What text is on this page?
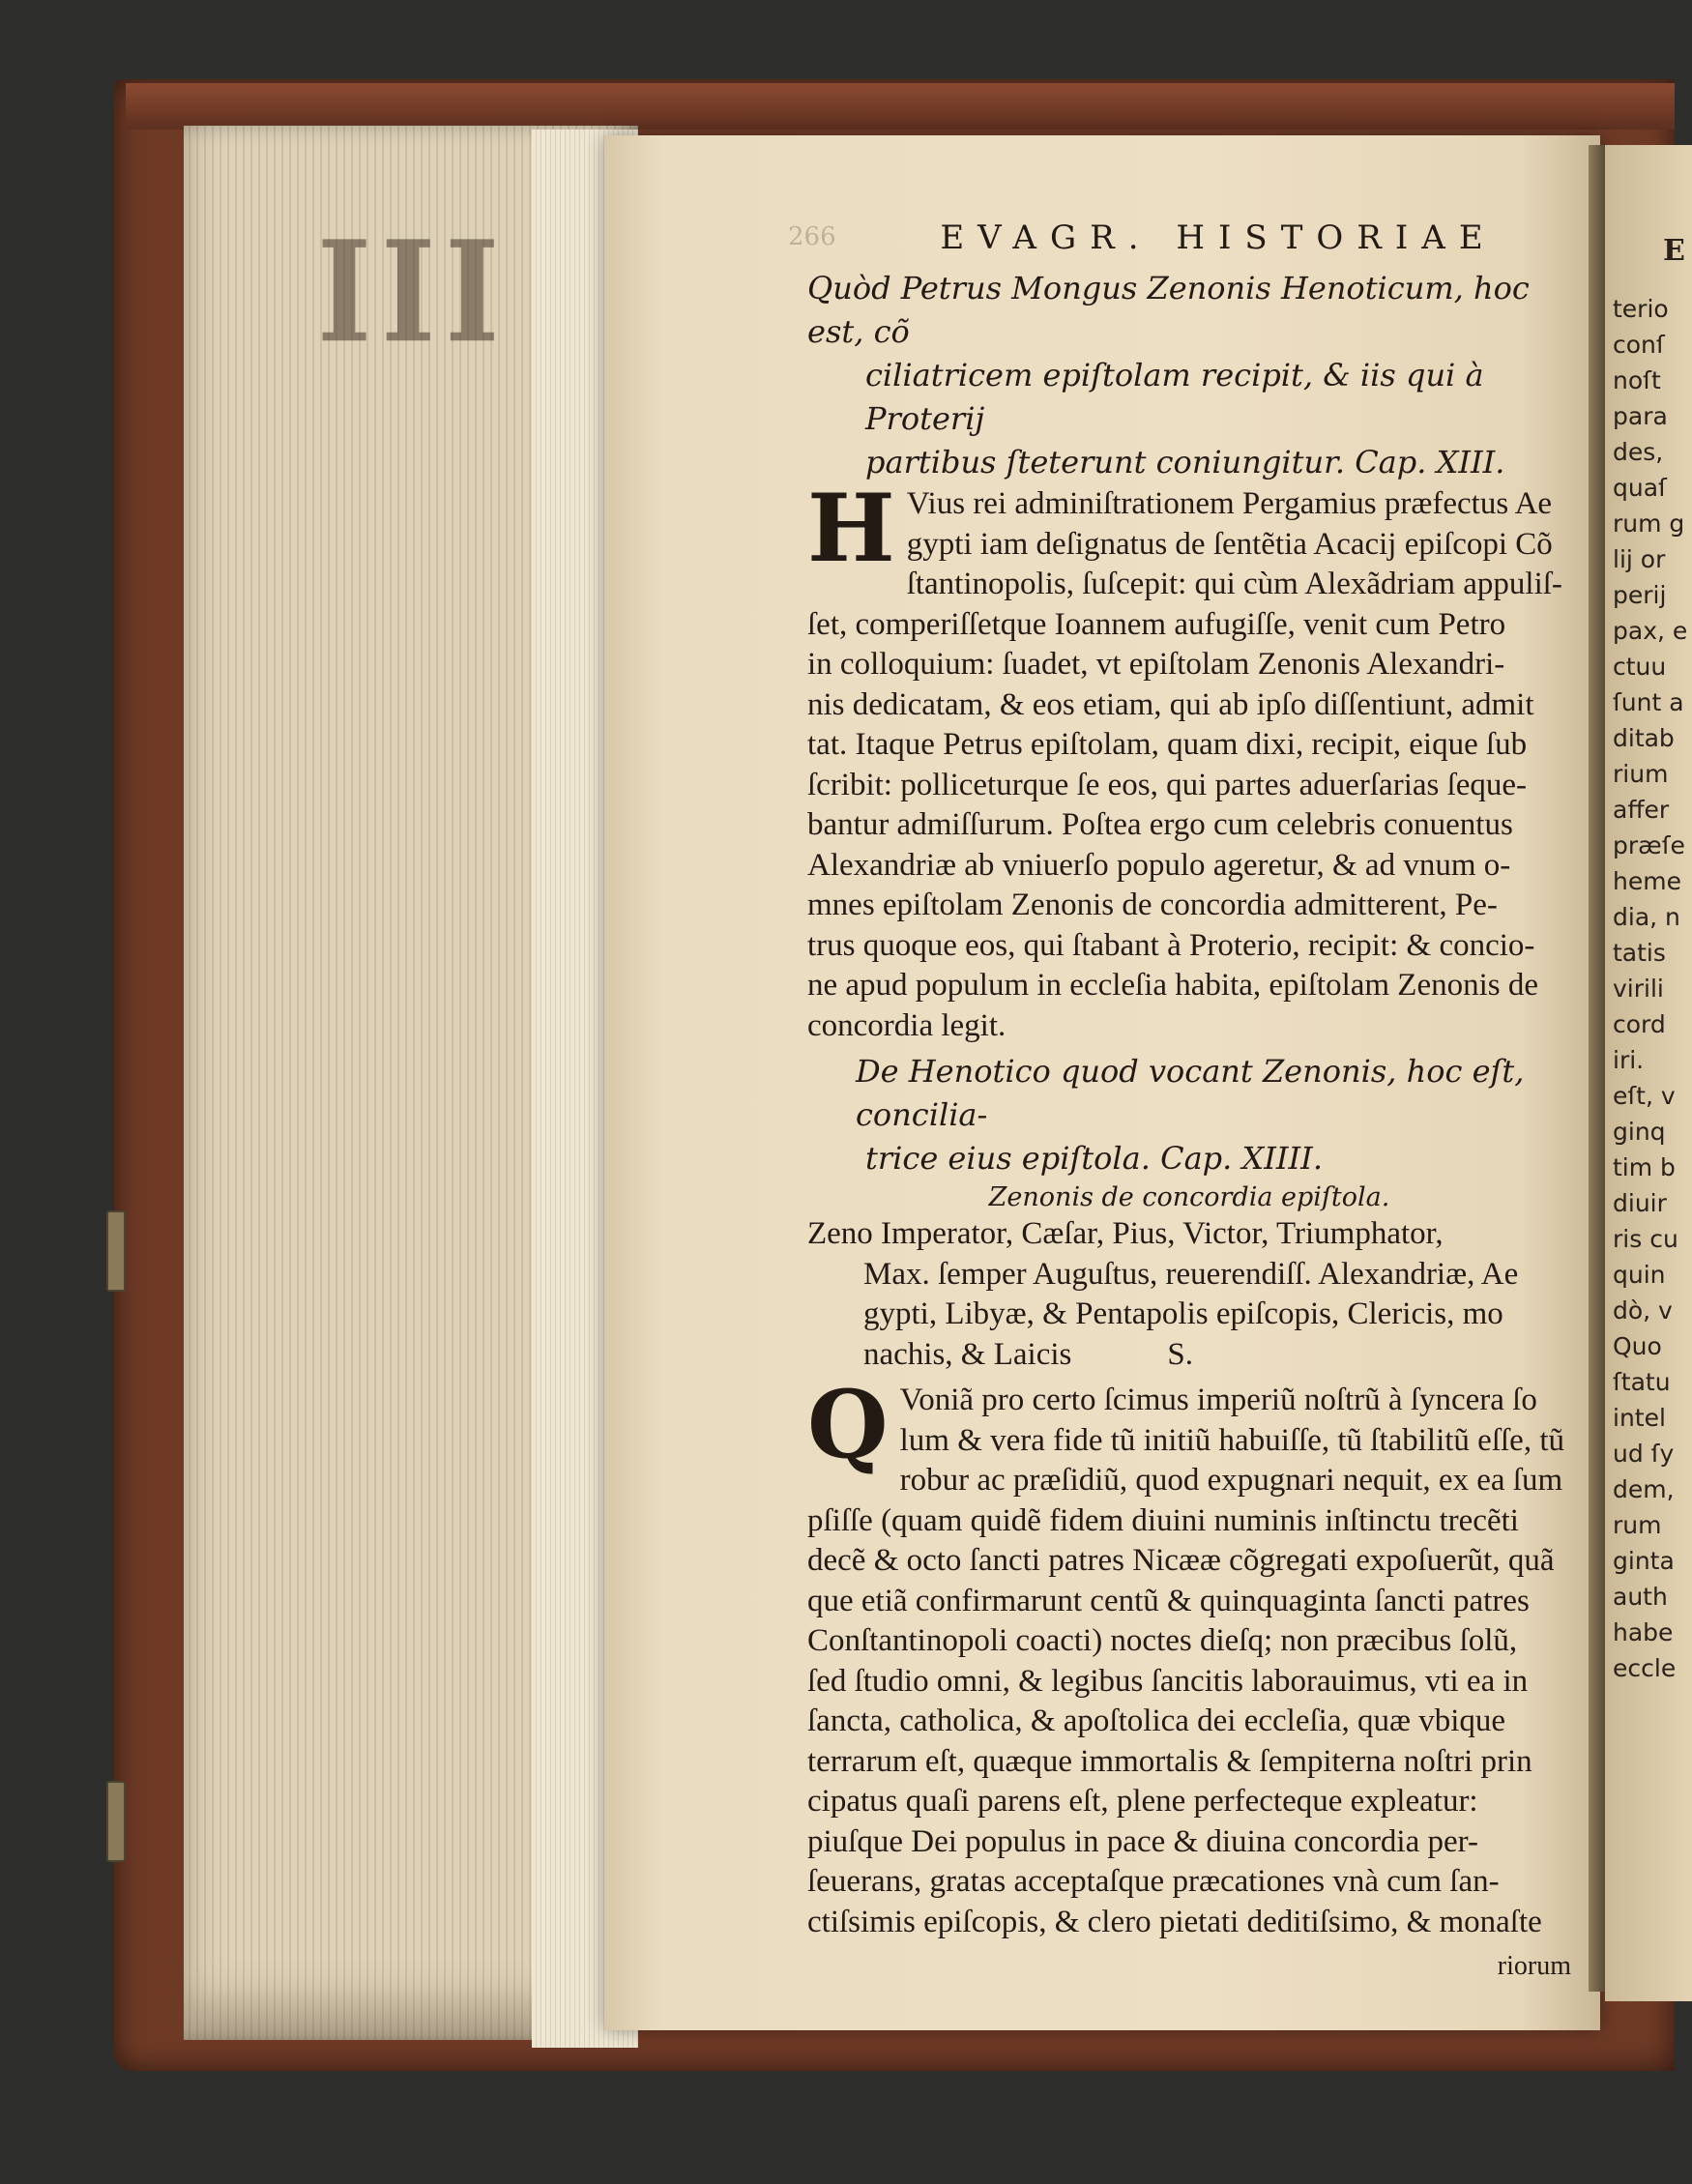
III	E
terio
conſ
noſt
para
des,
quaſ
rum g
lij or
perij
pax, e
ctuu
ſunt a
ditab
rium
affer
præſe
heme
dia, n
tatis
virili
cord
iri.
eſt, v
ginq
tim b
diuir
ris cu
quin
dò, v
Quo
ſtatu
intel
ud ſy
dem,
rum
ginta
auth
habe
eccle
266	EVAGR. HISTORIAE
Quòd Petrus Mongus Zenonis Henoticum, hoc est, cõ
ciliatricem epiſtolam recipit, & iis qui à Proterij
partibus ſteterunt coniungitur. Cap. XIII.
H Vius rei adminiſtrationem Pergamius præfectus Ae
gypti iam deſignatus de ſentẽtia Acacij epiſcopi Cõ
ſtantinopolis, ſuſcepit: qui cùm Alexãdriam appuliſ-
ſet, comperiſſetque Ioannem aufugiſſe, venit cum Petro
in colloquium: ſuadet, vt epiſtolam Zenonis Alexandri-
nis dedicatam, & eos etiam, qui ab ipſo diſſentiunt, admit
tat. Itaque Petrus epiſtolam, quam dixi, recipit, eique ſub
ſcribit: polliceturque ſe eos, qui partes aduerſarias ſeque-
bantur admiſſurum. Poſtea ergo cum celebris conuentus
Alexandriæ ab vniuerſo populo ageretur, & ad vnum o-
mnes epiſtolam Zenonis de concordia admitterent, Pe-
trus quoque eos, qui ſtabant à Proterio, recipit: & concio-
ne apud populum in eccleſia habita, epiſtolam Zenonis de
concordia legit.
De Henotico quod vocant Zenonis, hoc eſt, concilia-
trice eius epiſtola. Cap. XIIII.
Zenonis de concordia epiſtola.
Zeno Imperator, Cæſar, Pius, Victor, Triumphator,
Max. ſemper Auguſtus, reuerendiſſ. Alexandriæ, Ae
gypti, Libyæ, & Pentapolis epiſcopis, Clericis, mo
nachis, & Laicis            S.
Q Voniã pro certo ſcimus imperiũ noſtrũ à ſyncera ſo
lum & vera fide tũ initiũ habuiſſe, tũ ſtabilitũ eſſe, tũ
robur ac præſidiũ, quod expugnari nequit, ex ea ſum
pſiſſe (quam quidẽ fidem diuini numinis inſtinctu trecẽti
decẽ & octo ſancti patres Nicææ cõgregati expoſuerũt, quã
que etiã confirmarunt centũ & quinquaginta ſancti patres
Conſtantinopoli coacti) noctes dieſq; non præcibus ſolũ,
ſed ſtudio omni, & legibus ſancitis laborauimus, vti ea in
ſancta, catholica, & apoſtolica dei eccleſia, quæ vbique
terrarum eſt, quæque immortalis & ſempiterna noſtri prin
cipatus quaſi parens eſt, plene perfecteque expleatur:
piuſque Dei populus in pace & diuina concordia per-
ſeuerans, gratas acceptaſque præcationes vnà cum ſan-
ctiſsimis epiſcopis, & clero pietati deditiſsimo, & monaſte
riorum
